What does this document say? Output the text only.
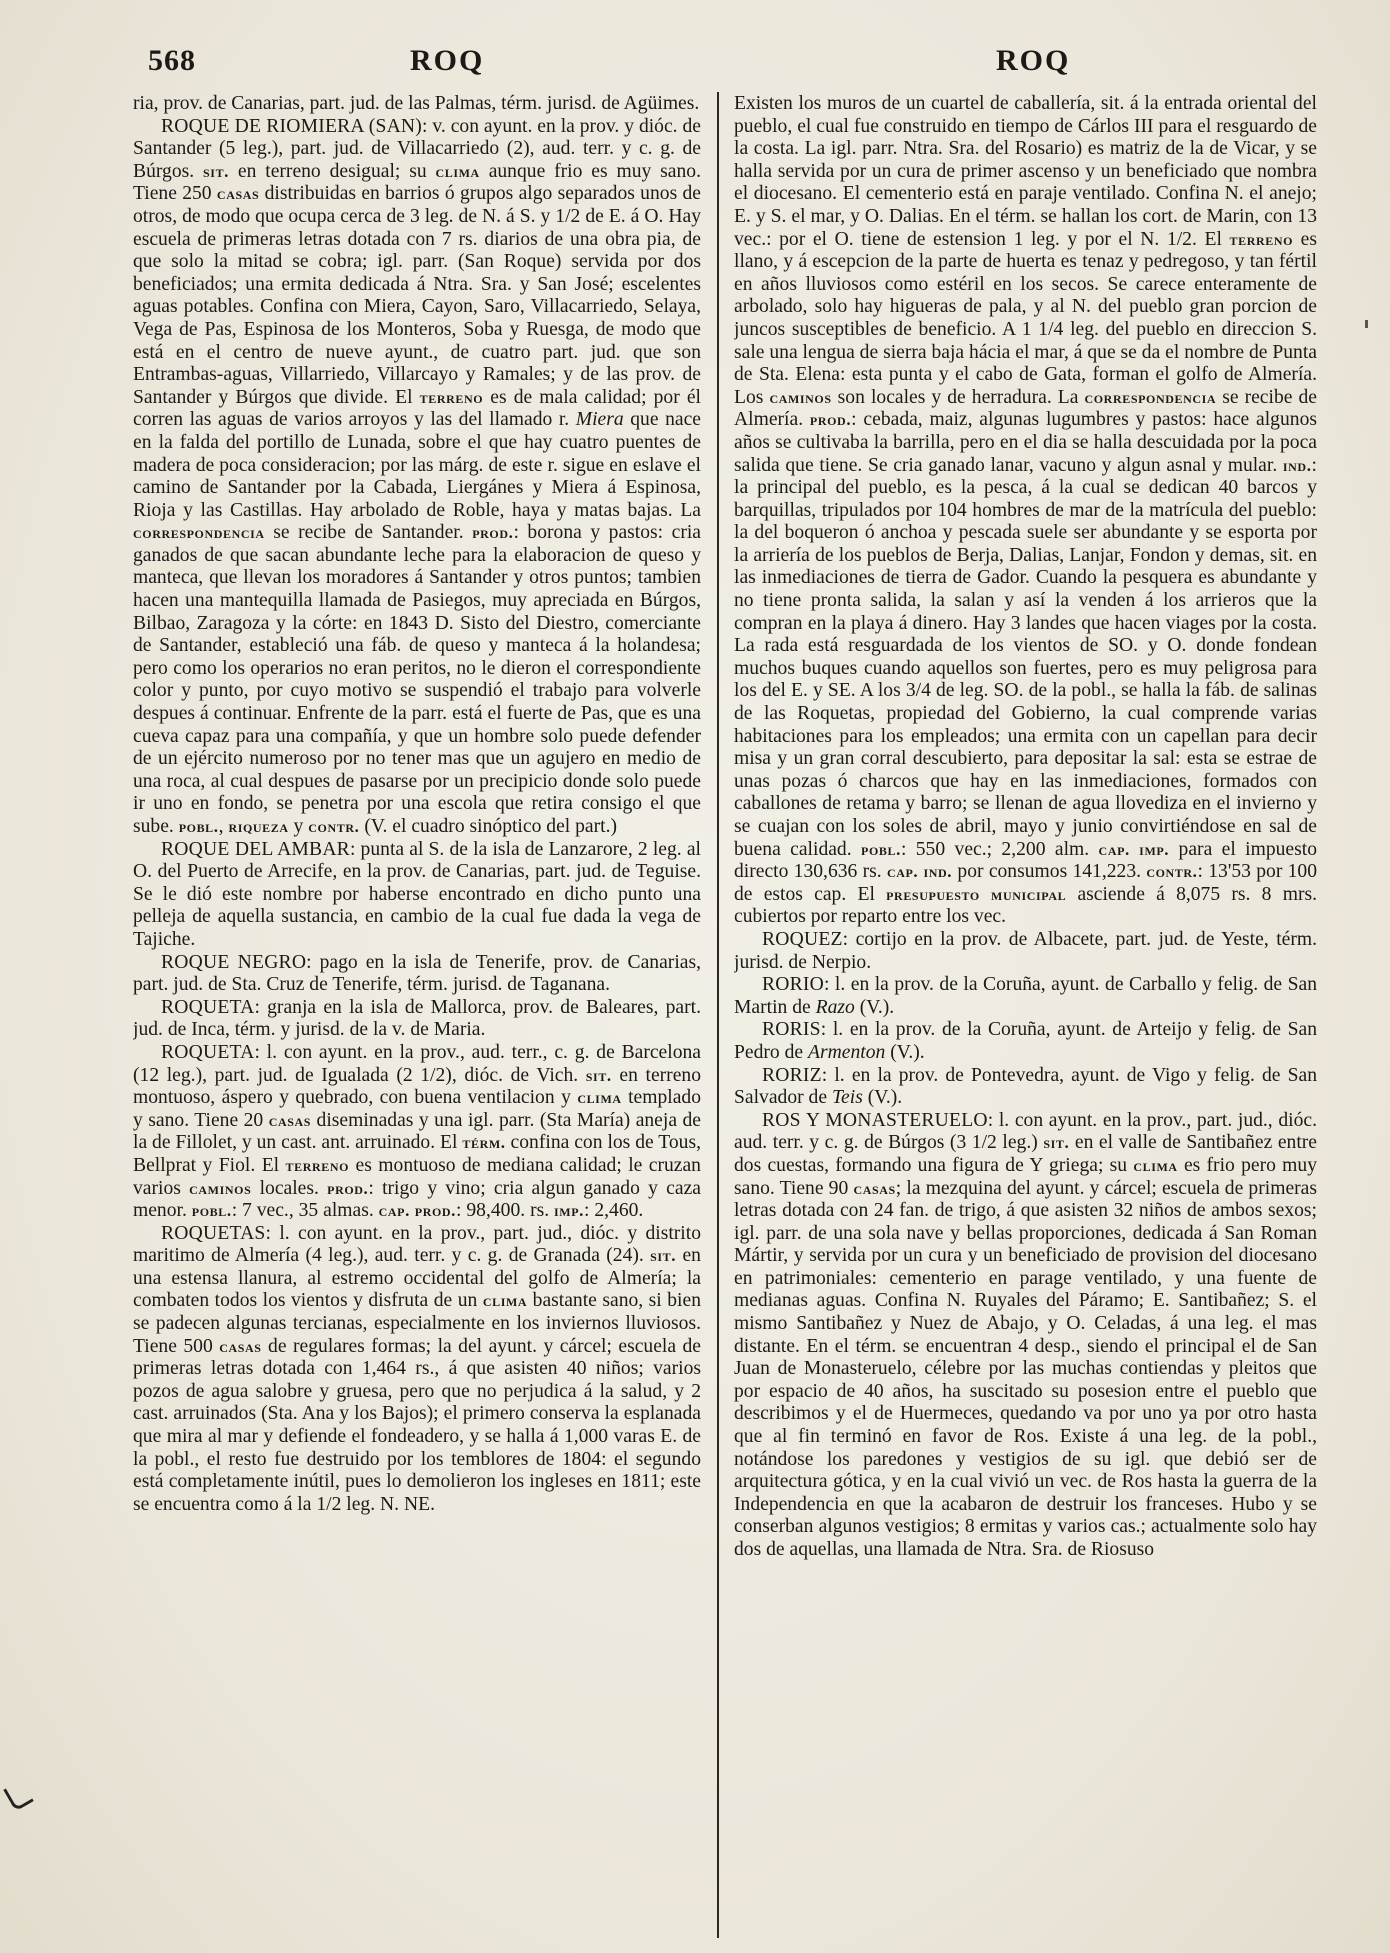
568	ROQ	ROQ

ria, prov. de Canarias, part. jud. de las Palmas, térm. jurisd. de Agüimes.

ROQUE DE RIOMIERA (SAN): v. con ayunt. en la prov. y dióc. de Santander (5 leg.), part. jud. de Villacarriedo (2), aud. terr. y c. g. de Búrgos. sit. en terreno desigual; su clima aunque frio es muy sano. Tiene 250 casas distribuidas en barrios ó grupos algo separados unos de otros, de modo que ocupa cerca de 3 leg. de N. á S. y 1/2 de E. á O. Hay escuela de primeras letras dotada con 7 rs. diarios de una obra pia, de que solo la mitad se cobra; igl. parr. (San Roque) servida por dos beneficiados; una ermita dedicada á Ntra. Sra. y San José; escelentes aguas potables. Confina con Miera, Cayon, Saro, Villacarriedo, Selaya, Vega de Pas, Espinosa de los Monteros, Soba y Ruesga, de modo que está en el centro de nueve ayunt., de cuatro part. jud. que son Entrambas-aguas, Villarriedo, Villarcayo y Ramales; y de las prov. de Santander y Búrgos que divide. El terreno es de mala calidad; por él corren las aguas de varios arroyos y las del llamado r. Miera que nace en la falda del portillo de Lunada, sobre el que hay cuatro puentes de madera de poca consideracion; por las márg. de este r. sigue en eslave el camino de Santander por la Cabada, Liergánes y Miera á Espinosa, Rioja y las Castillas. Hay arbolado de Roble, haya y matas bajas. La correspondencia se recibe de Santander. prod.: borona y pastos: cria ganados de que sacan abundante leche para la elaboracion de queso y manteca, que llevan los moradores á Santander y otros puntos; tambien hacen una mantequilla llamada de Pasiegos, muy apreciada en Búrgos, Bilbao, Zaragoza y la córte: en 1843 D. Sisto del Diestro, comerciante de Santander, estableció una fáb. de queso y manteca á la holandesa; pero como los operarios no eran peritos, no le dieron el correspondiente color y punto, por cuyo motivo se suspendió el trabajo para volverle despues á continuar. Enfrente de la parr. está el fuerte de Pas, que es una cueva capaz para una compañía, y que un hombre solo puede defender de un ejército numeroso por no tener mas que un agujero en medio de una roca, al cual despues de pasarse por un precipicio donde solo puede ir uno en fondo, se penetra por una escola que retira consigo el que sube. pobl., riqueza y contr. (V. el cuadro sinóptico del part.)

ROQUE DEL AMBAR: punta al S. de la isla de Lanzarore, 2 leg. al O. del Puerto de Arrecife, en la prov. de Canarias, part. jud. de Teguise. Se le dió este nombre por haberse encontrado en dicho punto una pelleja de aquella sustancia, en cambio de la cual fue dada la vega de Tajiche.

ROQUE NEGRO: pago en la isla de Tenerife, prov. de Canarias, part. jud. de Sta. Cruz de Tenerife, térm. jurisd. de Taganana.

ROQUETA: granja en la isla de Mallorca, prov. de Baleares, part. jud. de Inca, térm. y jurisd. de la v. de Maria.

ROQUETA: l. con ayunt. en la prov., aud. terr., c. g. de Barcelona (12 leg.), part. jud. de Igualada (2 1/2), dióc. de Vich. sit. en terreno montuoso, áspero y quebrado, con buena ventilacion y clima templado y sano. Tiene 20 casas diseminadas y una igl. parr. (Sta María) aneja de la de Fillolet, y un cast. ant. arruinado. El térm. confina con los de Tous, Bellprat y Fiol. El terreno es montuoso de mediana calidad; le cruzan varios caminos locales. prod.: trigo y vino; cria algun ganado y caza menor. pobl.: 7 vec., 35 almas. cap. prod.: 98,400. rs. imp.: 2,460.

ROQUETAS: l. con ayunt. en la prov., part. jud., dióc. y distrito maritimo de Almería (4 leg.), aud. terr. y c. g. de Granada (24). sit. en una estensa llanura, al estremo occidental del golfo de Almería; la combaten todos los vientos y disfruta de un clima bastante sano, si bien se padecen algunas tercianas, especialmente en los inviernos lluviosos. Tiene 500 casas de regulares formas; la del ayunt. y cárcel; escuela de primeras letras dotada con 1,464 rs., á que asisten 40 niños; varios pozos de agua salobre y gruesa, pero que no perjudica á la salud, y 2 cast. arruinados (Sta. Ana y los Bajos); el primero conserva la esplanada que mira al mar y defiende el fondeadero, y se halla á 1,000 varas E. de la pobl., el resto fue destruido por los temblores de 1804: el segundo está completamente inútil, pues lo demolieron los ingleses en 1811; este se encuentra como á la 1/2 leg. N. NE.

Existen los muros de un cuartel de caballería, sit. á la entrada oriental del pueblo, el cual fue construido en tiempo de Cárlos III para el resguardo de la costa. La igl. parr. Ntra. Sra. del Rosario) es matriz de la de Vicar, y se halla servida por un cura de primer ascenso y un beneficiado que nombra el diocesano. El cementerio está en paraje ventilado. Confina N. el anejo; E. y S. el mar, y O. Dalias. En el térm. se hallan los cort. de Marin, con 13 vec.: por el O. tiene de estension 1 leg. y por el N. 1/2. El terreno es llano, y á escepcion de la parte de huerta es tenaz y pedregoso, y tan fértil en años lluviosos como estéril en los secos. Se carece enteramente de arbolado, solo hay higueras de pala, y al N. del pueblo gran porcion de juncos susceptibles de beneficio. A 1 1/4 leg. del pueblo en direccion S. sale una lengua de sierra baja hácia el mar, á que se da el nombre de Punta de Sta. Elena: esta punta y el cabo de Gata, forman el golfo de Almería. Los caminos son locales y de herradura. La correspondencia se recibe de Almería. prod.: cebada, maiz, algunas lugumbres y pastos: hace algunos años se cultivaba la barrilla, pero en el dia se halla descuidada por la poca salida que tiene. Se cria ganado lanar, vacuno y algun asnal y mular. ind.: la principal del pueblo, es la pesca, á la cual se dedican 40 barcos y barquillas, tripulados por 104 hombres de mar de la matrícula del pueblo: la del boqueron ó anchoa y pescada suele ser abundante y se esporta por la arriería de los pueblos de Berja, Dalias, Lanjar, Fondon y demas, sit. en las inmediaciones de tierra de Gador. Cuando la pesquera es abundante y no tiene pronta salida, la salan y así la venden á los arrieros que la compran en la playa á dinero. Hay 3 landes que hacen viages por la costa. La rada está resguardada de los vientos de SO. y O. donde fondean muchos buques cuando aquellos son fuertes, pero es muy peligrosa para los del E. y SE. A los 3/4 de leg. SO. de la pobl., se halla la fáb. de salinas de las Roquetas, propiedad del Gobierno, la cual comprende varias habitaciones para los empleados; una ermita con un capellan para decir misa y un gran corral descubierto, para depositar la sal: esta se estrae de unas pozas ó charcos que hay en las inmediaciones, formados con caballones de retama y barro; se llenan de agua llovediza en el invierno y se cuajan con los soles de abril, mayo y junio convirtiéndose en sal de buena calidad. pobl.: 550 vec.; 2,200 alm. cap. imp. para el impuesto directo 130,636 rs. cap. ind. por consumos 141,223. contr.: 13'53 por 100 de estos cap. El presupuesto municipal asciende á 8,075 rs. 8 mrs. cubiertos por reparto entre los vec.

ROQUEZ: cortijo en la prov. de Albacete, part. jud. de Yeste, térm. jurisd. de Nerpio.

RORIO: l. en la prov. de la Coruña, ayunt. de Carballo y felig. de San Martin de Razo (V.).

RORIS: l. en la prov. de la Coruña, ayunt. de Arteijo y felig. de San Pedro de Armenton (V.).

RORIZ: l. en la prov. de Pontevedra, ayunt. de Vigo y felig. de San Salvador de Teis (V.).

ROS Y MONASTERUELO: l. con ayunt. en la prov., part. jud., dióc. aud. terr. y c. g. de Búrgos (3 1/2 leg.) sit. en el valle de Santibañez entre dos cuestas, formando una figura de Y griega; su clima es frio pero muy sano. Tiene 90 casas; la mezquina del ayunt. y cárcel; escuela de primeras letras dotada con 24 fan. de trigo, á que asisten 32 niños de ambos sexos; igl. parr. de una sola nave y bellas proporciones, dedicada á San Roman Mártir, y servida por un cura y un beneficiado de provision del diocesano en patrimoniales: cementerio en parage ventilado, y una fuente de medianas aguas. Confina N. Ruyales del Páramo; E. Santibañez; S. el mismo Santibañez y Nuez de Abajo, y O. Celadas, á una leg. el mas distante. En el térm. se encuentran 4 desp., siendo el principal el de San Juan de Monasteruelo, célebre por las muchas contiendas y pleitos que por espacio de 40 años, ha suscitado su posesion entre el pueblo que describimos y el de Huermeces, quedando va por uno ya por otro hasta que al fin terminó en favor de Ros. Existe á una leg. de la pobl., notándose los paredones y vestigios de su igl. que debió ser de arquitectura gótica, y en la cual vivió un vec. de Ros hasta la guerra de la Independencia en que la acabaron de destruir los franceses. Hubo y se conserban algunos vestigios; 8 ermitas y varios cas.; actualmente solo hay dos de aquellas, una llamada de Ntra. Sra. de Riosuso
